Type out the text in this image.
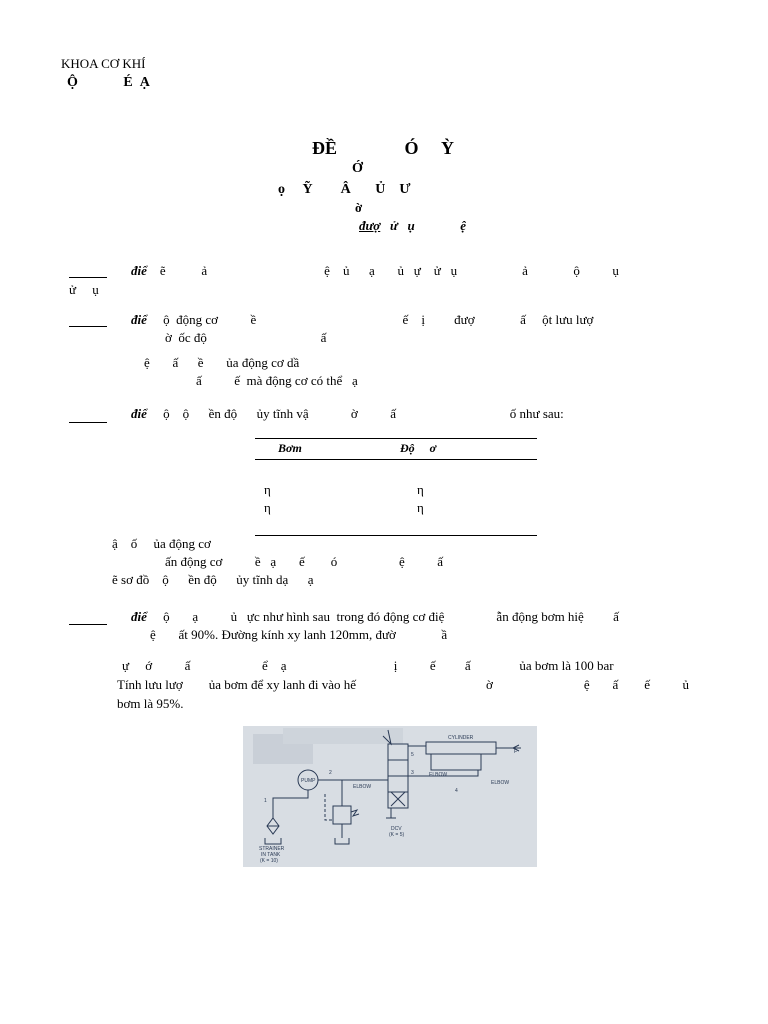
KHOA CƠ KHÍ
Ộ             É  Ạ
ĐỀ               Ó     Ỳ
Ớ
ọ     Ỹ        Â       Ủ    Ư
ờ
đượ   ử   ụ              ệ
điể    ẽ           ả                                    ệ    ủ      ạ       ủ   ự    ử   ụ                    ả              ộ          ụ
ử     ụ
điể     ộ  động cơ          ề                                             ế    ị         đượ              ấ     ột lưu lượ
ờ  ốc độ                                   ấ
ệ       ấ      ề       ủa động cơ dầ
ấ          ế  mà động cơ có thể   ạ
điể     ộ    ộ      ền độ      ủy tĩnh vậ             ờ          ấ                                   ố như sau:
Bơm	Độ     ơ
η	η
η	η
ậ    ố     ủa động cơ
ấn động cơ          ề   ạ       ế        ó                   ệ          ấ
ẽ sơ đồ    ộ      ền độ      ủy tĩnh dạ      ạ
điể     ộ       ạ          ủ   ực như hình sau  trong đó động cơ điệ                ẫn động bơm hiệ         ấ
ệ       ất 90%. Đường kính xy lanh 120mm, đườ              ầ
ự     ớ          ấ                      ể    ạ                                 ị          ế         ấ               ủa bơm là 100 bar
Tính lưu lượ        ủa bơm để xy lanh đi vào hế                                        ờ                            ệ       ấ        ế          ủ
bơm là 95%.
CYLINDER
F
PUMP
ELBOW
ELBOW
ELBOW
DCV
(K = 5)
STRAINER
IN TANK
(K = 10)
1
2	3
4
5
